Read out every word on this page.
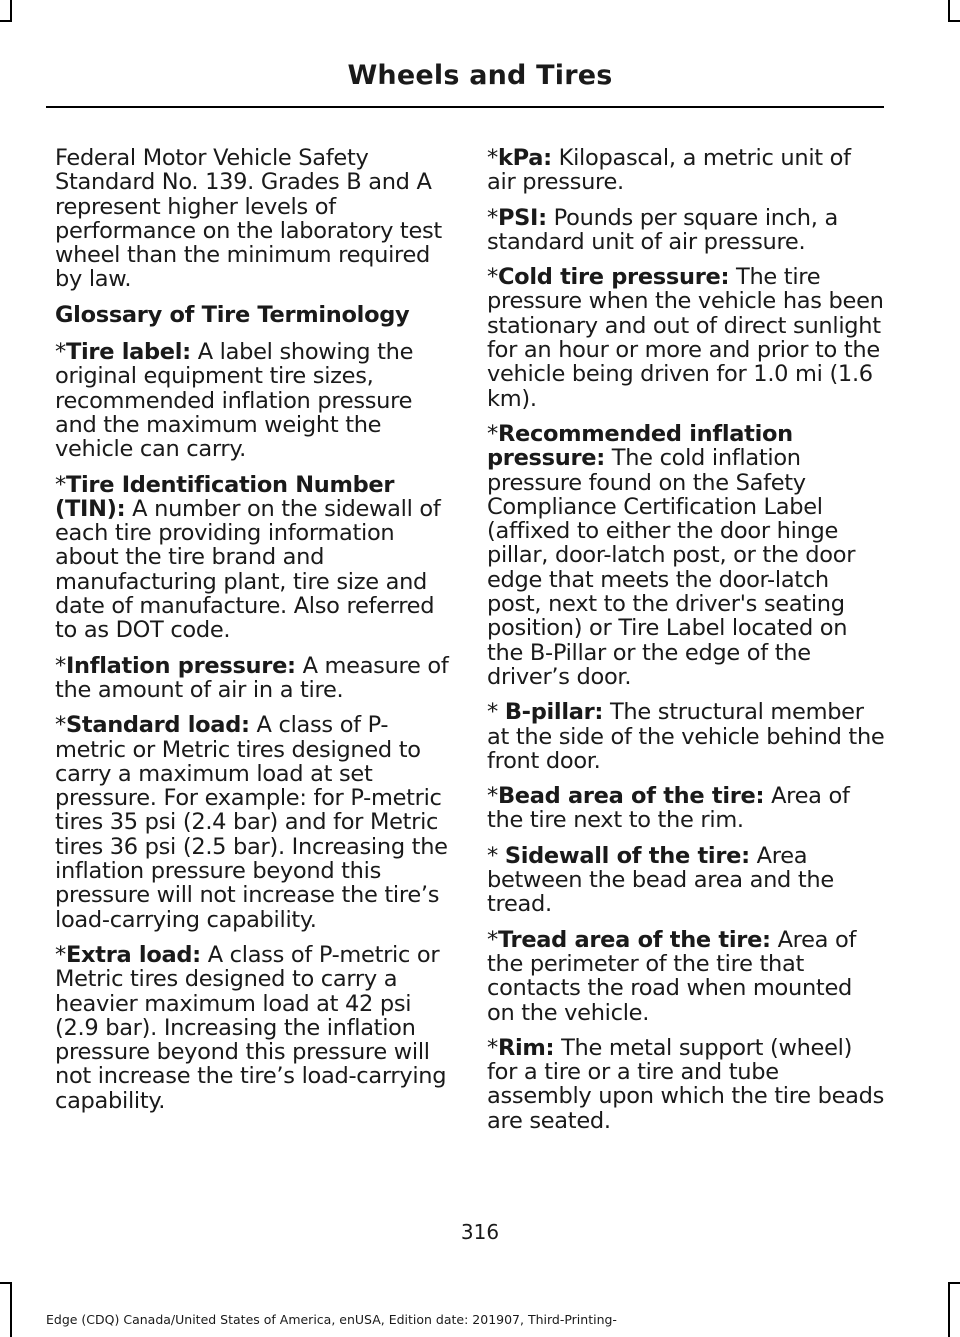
Wheels and Tires

Federal Motor Vehicle Safety Standard No. 139. Grades B and A represent higher levels of performance on the laboratory test wheel than the minimum required by law.

Glossary of Tire Terminology

*Tire label: A label showing the original equipment tire sizes, recommended inflation pressure and the maximum weight the vehicle can carry.

*Tire Identification Number (TIN): A number on the sidewall of each tire providing information about the tire brand and manufacturing plant, tire size and date of manufacture. Also referred to as DOT code.

*Inflation pressure: A measure of the amount of air in a tire.

*Standard load: A class of P-metric or Metric tires designed to carry a maximum load at set pressure. For example: for P-metric tires 35 psi (2.4 bar) and for Metric tires 36 psi (2.5 bar). Increasing the inflation pressure beyond this pressure will not increase the tire’s load-carrying capability.

*Extra load: A class of P-metric or Metric tires designed to carry a heavier maximum load at 42 psi (2.9 bar). Increasing the inflation pressure beyond this pressure will not increase the tire’s load-carrying capability.

*kPa: Kilopascal, a metric unit of air pressure.

*PSI: Pounds per square inch, a standard unit of air pressure.

*Cold tire pressure: The tire pressure when the vehicle has been stationary and out of direct sunlight for an hour or more and prior to the vehicle being driven for 1.0 mi (1.6 km).

*Recommended inflation pressure: The cold inflation pressure found on the Safety Compliance Certification Label (affixed to either the door hinge pillar, door-latch post, or the door edge that meets the door-latch post, next to the driver's seating position) or Tire Label located on the B-Pillar or the edge of the driver’s door.

* B-pillar: The structural member at the side of the vehicle behind the front door.

*Bead area of the tire: Area of the tire next to the rim.

* Sidewall of the tire: Area between the bead area and the tread.

*Tread area of the tire: Area of the perimeter of the tire that contacts the road when mounted on the vehicle.

*Rim: The metal support (wheel) for a tire or a tire and tube assembly upon which the tire beads are seated.

316
Edge (CDQ) Canada/United States of America, enUSA, Edition date: 201907, Third-Printing-
